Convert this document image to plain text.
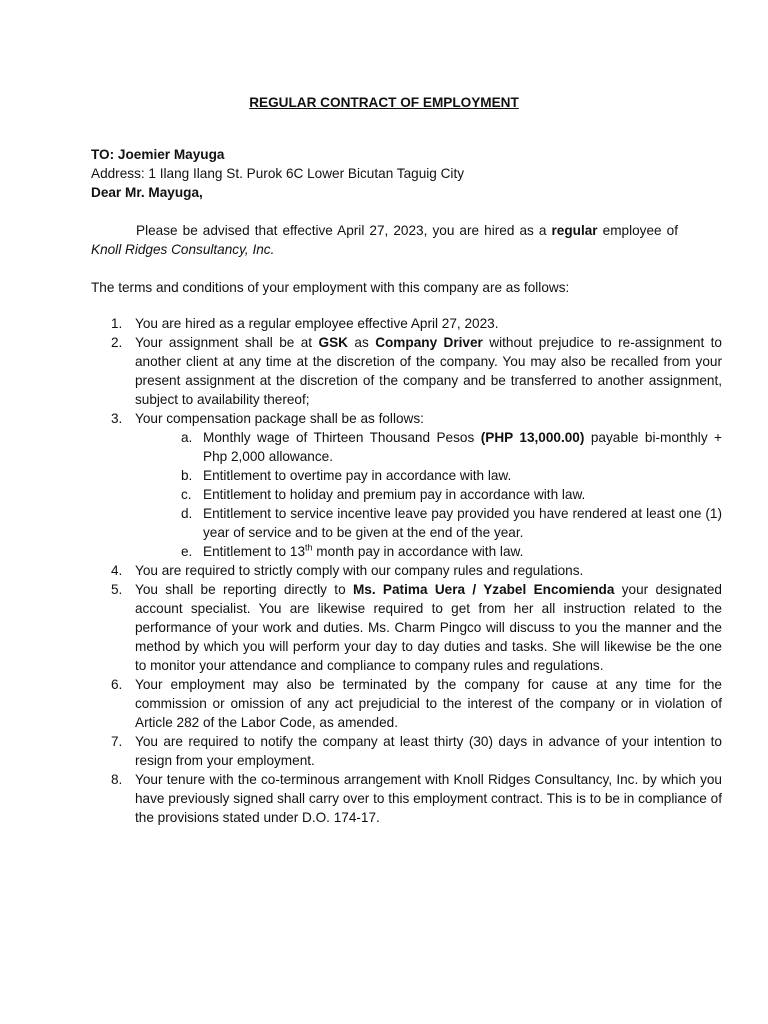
REGULAR CONTRACT OF EMPLOYMENT
TO: Joemier Mayuga
Address: 1 Ilang Ilang St. Purok 6C Lower Bicutan Taguig City
Dear Mr. Mayuga,
Please be advised that effective April 27, 2023, you are hired as a regular employee of Knoll Ridges Consultancy, Inc.
The terms and conditions of your employment with this company are as follows:
1. You are hired as a regular employee effective April 27, 2023.
2. Your assignment shall be at GSK as Company Driver without prejudice to re-assignment to another client at any time at the discretion of the company. You may also be recalled from your present assignment at the discretion of the company and be transferred to another assignment, subject to availability thereof;
3. Your compensation package shall be as follows:
a. Monthly wage of Thirteen Thousand Pesos (PHP 13,000.00) payable bi-monthly + Php 2,000 allowance.
b. Entitlement to overtime pay in accordance with law.
c. Entitlement to holiday and premium pay in accordance with law.
d. Entitlement to service incentive leave pay provided you have rendered at least one (1) year of service and to be given at the end of the year.
e. Entitlement to 13th month pay in accordance with law.
4. You are required to strictly comply with our company rules and regulations.
5. You shall be reporting directly to Ms. Patima Uera / Yzabel Encomienda your designated account specialist. You are likewise required to get from her all instruction related to the performance of your work and duties. Ms. Charm Pingco will discuss to you the manner and the method by which you will perform your day to day duties and tasks. She will likewise be the one to monitor your attendance and compliance to company rules and regulations.
6. Your employment may also be terminated by the company for cause at any time for the commission or omission of any act prejudicial to the interest of the company or in violation of Article 282 of the Labor Code, as amended.
7. You are required to notify the company at least thirty (30) days in advance of your intention to resign from your employment.
8. Your tenure with the co-terminous arrangement with Knoll Ridges Consultancy, Inc. by which you have previously signed shall carry over to this employment contract. This is to be in compliance of the provisions stated under D.O. 174-17.
